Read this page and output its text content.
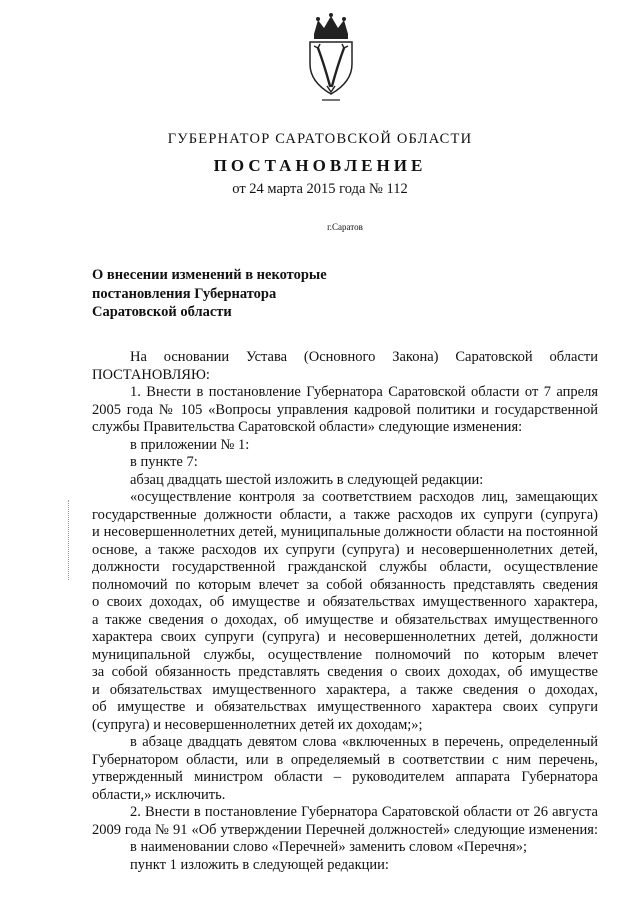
ГУБЕРНАТОР САРАТОВСКОЙ ОБЛАСТИ
ПОСТАНОВЛЕНИЕ
от 24 марта 2015 года № 112
г.Саратов
О внесении изменений в некоторые
постановления Губернатора
Саратовской области
На основании Устава (Основного Закона) Саратовской области
ПОСТАНОВЛЯЮ:
1. Внести в постановление Губернатора Саратовской области от 7 апреля
2005 года № 105 «Вопросы управления кадровой политики и государственной
службы Правительства Саратовской области» следующие изменения:
в приложении № 1:
в пункте 7:
абзац двадцать шестой изложить в следующей редакции:
«осуществление контроля за соответствием расходов лиц, замещающих
государственные должности области, а также расходов их супруги (супруга)
и несовершеннолетних детей, муниципальные должности области на постоянной
основе, а также расходов их супруги (супруга) и несовершеннолетних детей,
должности государственной гражданской службы области, осуществление
полномочий по которым влечет за собой обязанность представлять сведения
о своих доходах, об имуществе и обязательствах имущественного характера,
а также сведения о доходах, об имуществе и обязательствах имущественного
характера своих супруги (супруга) и несовершеннолетних детей, должности
муниципальной службы, осуществление полномочий по которым влечет
за собой обязанность представлять сведения о своих доходах, об имуществе
и обязательствах имущественного характера, а также сведения о доходах,
об имуществе и обязательствах имущественного характера своих супруги
(супруга) и несовершеннолетних детей их доходам;»;
в абзаце двадцать девятом слова «включенных в перечень, определенный
Губернатором области, или в определяемый в соответствии с ним перечень,
утвержденный министром области – руководителем аппарата Губернатора
области,» исключить.
2. Внести в постановление Губернатора Саратовской области от 26 августа
2009 года № 91 «Об утверждении Перечней должностей» следующие изменения:
в наименовании слово «Перечней» заменить словом «Перечня»;
пункт 1 изложить в следующей редакции:
